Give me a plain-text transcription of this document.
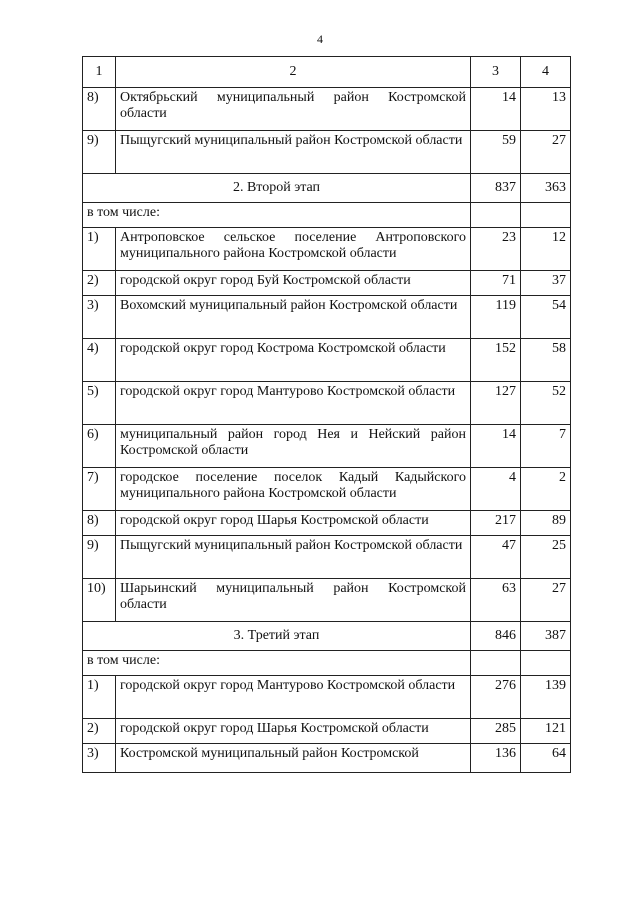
4
1	2	3	4
8)	Октябрьский муниципальный район Костромской области	14	13
9)	Пыщугский муниципальный район Костромской области	59	27
2. Второй этап		837	363
в том числе:			
1)	Антроповское сельское поселение Антроповского муниципального района Костромской области	23	12
2)	городской округ город Буй Костромской области	71	37
3)	Вохомский муниципальный район Костромской области	119	54
4)	городской округ город Кострома Костромской области	152	58
5)	городской округ город Мантурово Костромской области	127	52
6)	муниципальный район город Нея и Нейский район Костромской области	14	7
7)	городское поселение поселок Кадый Кадыйского муниципального района Костромской области	4	2
8)	городской округ город Шарья Костромской области	217	89
9)	Пыщугский муниципальный район Костромской области	47	25
10)	Шарьинский муниципальный район Костромской области	63	27
3. Третий этап		846	387
в том числе:			
1)	городской округ город Мантурово Костромской области	276	139
2)	городской округ город Шарья Костромской области	285	121
3)	Костромской муниципальный район Костромской	136	64
